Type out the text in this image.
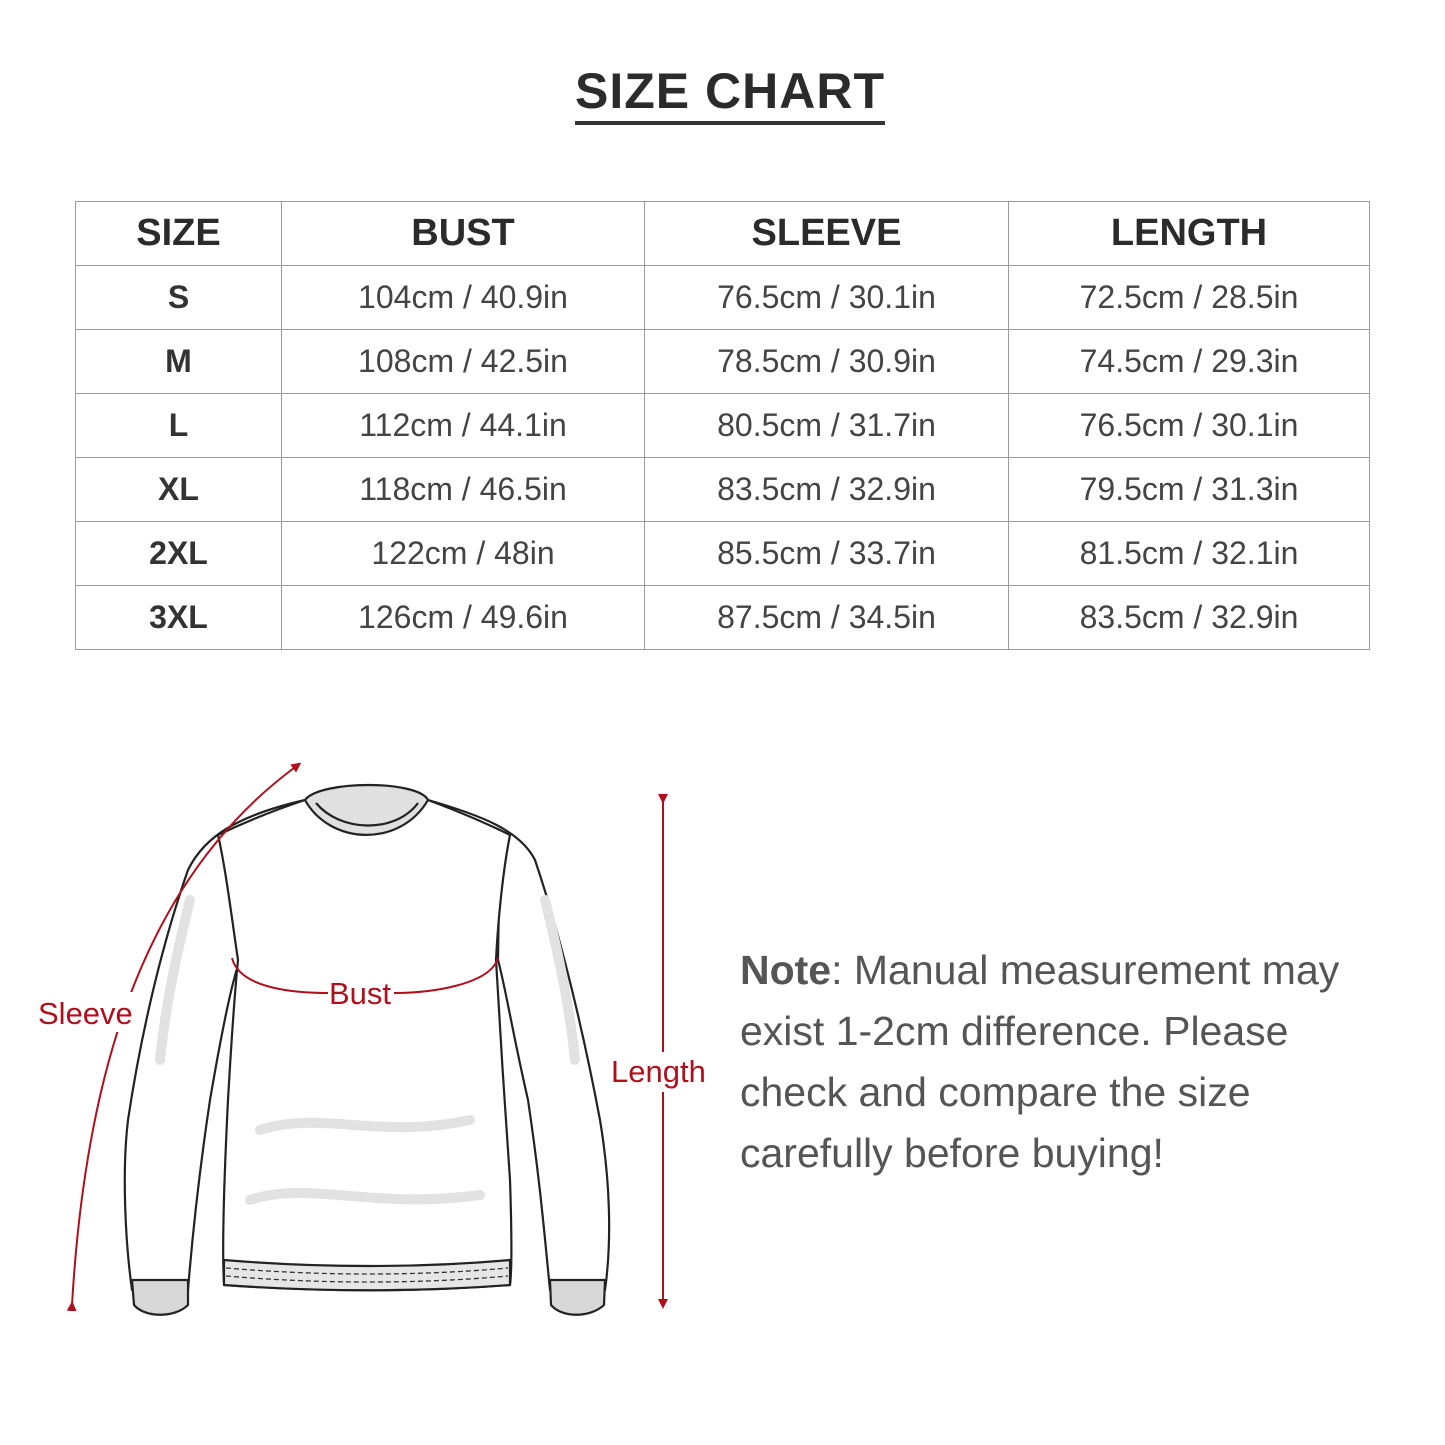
SIZE CHART
SIZE	BUST	SLEEVE	LENGTH
S	104cm / 40.9in	76.5cm / 30.1in	72.5cm / 28.5in
M	108cm / 42.5in	78.5cm / 30.9in	74.5cm / 29.3in
L	112cm / 44.1in	80.5cm / 31.7in	76.5cm / 30.1in
XL	118cm / 46.5in	83.5cm / 32.9in	79.5cm / 31.3in
2XL	122cm / 48in	85.5cm / 33.7in	81.5cm / 32.1in
3XL	126cm / 49.6in	87.5cm / 34.5in	83.5cm / 32.9in
Sleeve
Bust
Length
Note: Manual measurement may exist 1-2cm difference. Please check and compare the size carefully before buying!
